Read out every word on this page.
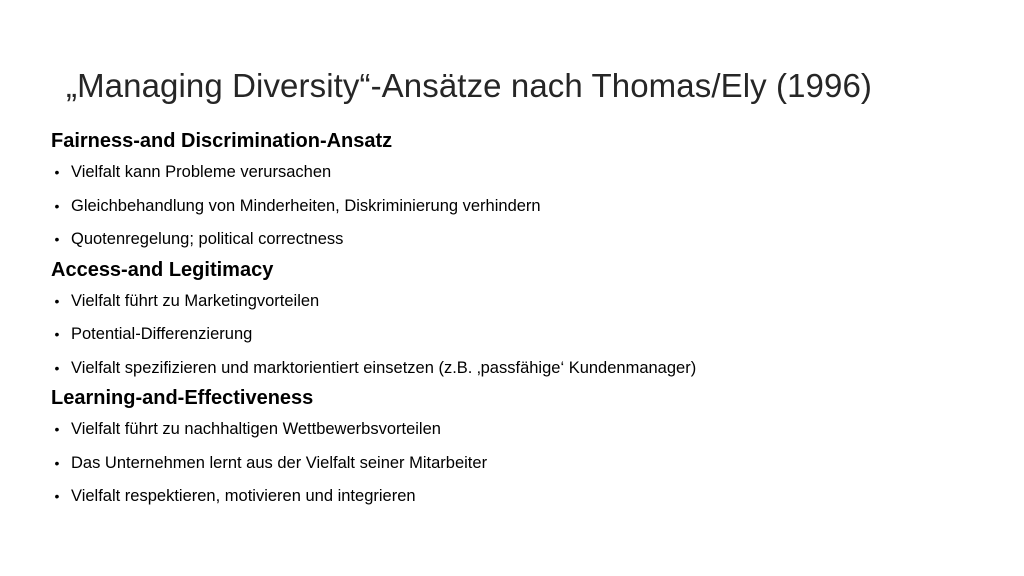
„Managing Diversity“-Ansätze nach Thomas/Ely (1996)
Fairness-and Discrimination-Ansatz
• Vielfalt kann Probleme verursachen
• Gleichbehandlung von Minderheiten, Diskriminierung verhindern
• Quotenregelung; political correctness
Access-and Legitimacy
• Vielfalt führt zu Marketingvorteilen
• Potential-Differenzierung
• Vielfalt spezifizieren und marktorientiert einsetzen (z.B. ‚passfähige‘ Kundenmanager)
Learning-and-Effectiveness
• Vielfalt führt zu nachhaltigen Wettbewerbsvorteilen
• Das Unternehmen lernt aus der Vielfalt seiner Mitarbeiter
• Vielfalt respektieren, motivieren und integrieren
